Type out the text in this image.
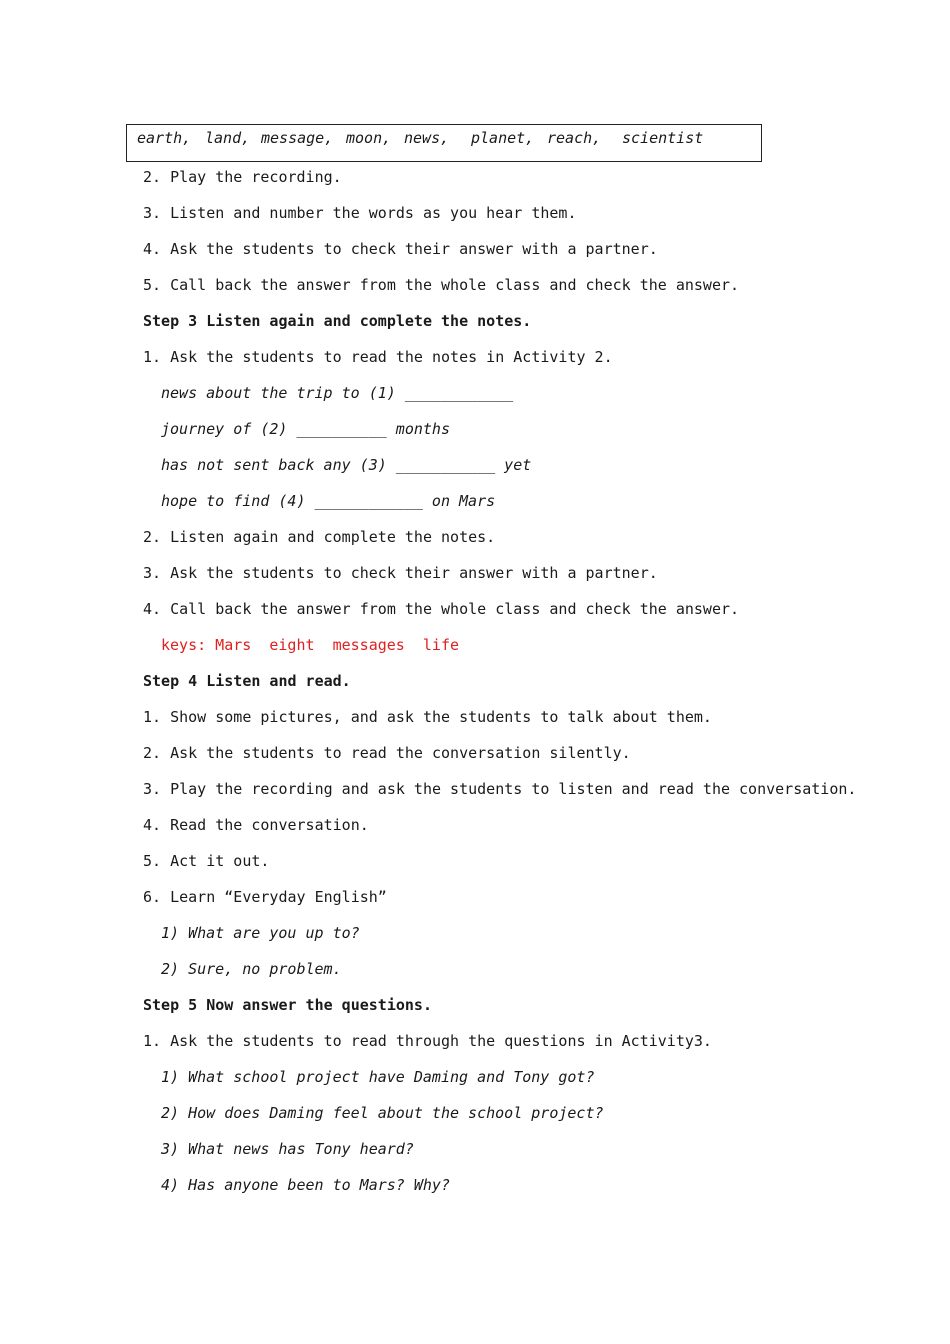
earth, land, message, moon, news, planet, reach, scientist
2. Play the recording.
3. Listen and number the words as you hear them.
4. Ask the students to check their answer with a partner.
5. Call back the answer from the whole class and check the answer.
Step 3 Listen again and complete the notes.
1. Ask the students to read the notes in Activity 2.
news about the trip to (1) ____________
journey of (2) __________ months
has not sent back any (3) ___________ yet
hope to find (4) ____________ on Mars
2. Listen again and complete the notes.
3. Ask the students to check their answer with a partner.
4. Call back the answer from the whole class and check the answer.
keys: Mars  eight  messages  life
Step 4 Listen and read.
1. Show some pictures, and ask the students to talk about them.
2. Ask the students to read the conversation silently.
3. Play the recording and ask the students to listen and read the conversation.
4. Read the conversation.
5. Act it out.
6. Learn “Everyday English”
1) What are you up to?
2) Sure, no problem.
Step 5 Now answer the questions.
1. Ask the students to read through the questions in Activity3.
1) What school project have Daming and Tony got?
2) How does Daming feel about the school project?
3) What news has Tony heard?
4) Has anyone been to Mars? Why?
